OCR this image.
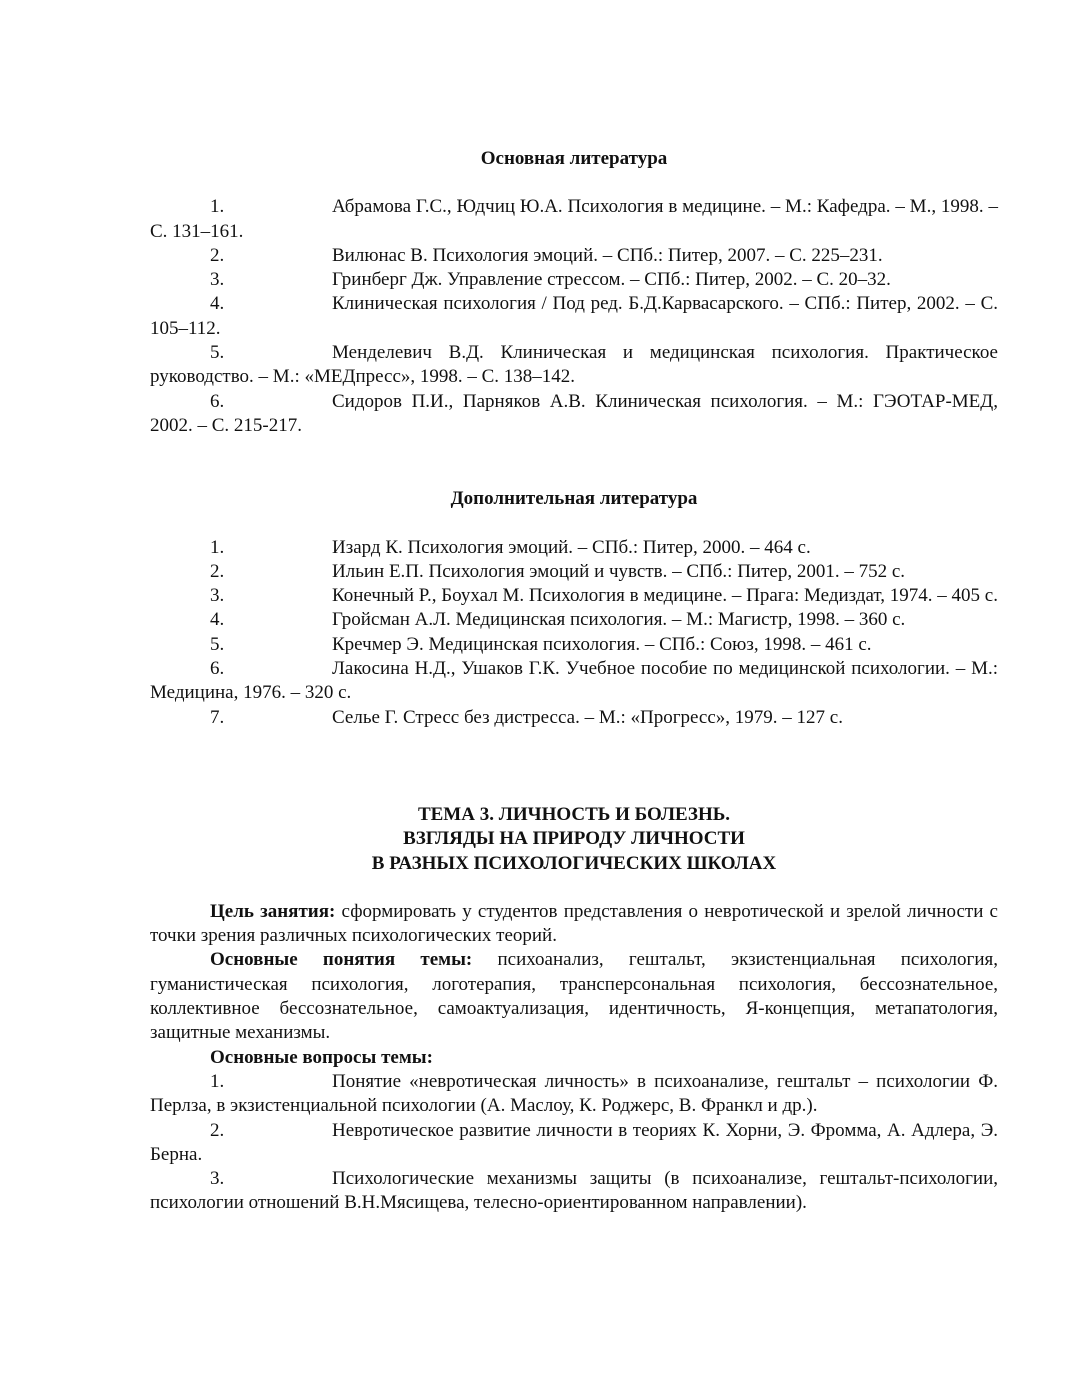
Основная литература
1.	Абрамова Г.С., Юдчиц Ю.А. Психология в медицине. – М.: Кафедра. – М., 1998. – С. 131–161.
2.	Вилюнас В. Психология эмоций. – СПб.: Питер, 2007. – С. 225–231.
3.	Гринберг Дж. Управление стрессом. – СПб.: Питер, 2002. – С. 20–32.
4.	Клиническая психология / Под ред. Б.Д.Карвасарского. – СПб.: Питер, 2002. – С. 105–112.
5.	Менделевич В.Д. Клиническая и медицинская психология. Практическое руководство. – М.: «МЕДпресс», 1998. – С. 138–142.
6.	Сидоров П.И., Парняков А.В. Клиническая психология. – М.: ГЭОТАР-МЕД, 2002. – С. 215-217.
Дополнительная литература
1.	Изард К. Психология эмоций. – СПб.: Питер, 2000. – 464 с.
2.	Ильин Е.П. Психология эмоций и чувств. – СПб.: Питер, 2001. – 752 с.
3.	Конечный Р., Боухал М. Психология в медицине. – Прага: Медиздат, 1974. – 405 с.
4.	Гройсман А.Л. Медицинская психология. – М.: Магистр, 1998. – 360 с.
5.	Кречмер Э. Медицинская психология. – СПб.: Союз, 1998. – 461 с.
6.	Лакосина Н.Д., Ушаков Г.К. Учебное пособие по медицинской психологии. – М.: Медицина, 1976. – 320 с.
7.	Селье Г. Стресс без дистресса. – М.: «Прогресс», 1979. – 127 с.
ТЕМА 3. ЛИЧНОСТЬ И БОЛЕЗНЬ.
ВЗГЛЯДЫ НА ПРИРОДУ ЛИЧНОСТИ
В РАЗНЫХ ПСИХОЛОГИЧЕСКИХ ШКОЛАХ
Цель занятия: сформировать у студентов представления о невротической и зрелой личности с точки зрения различных психологических теорий.
Основные понятия темы: психоанализ, гештальт, экзистенциальная психология, гуманистическая психология, логотерапия, трансперсональная психология, бессознательное, коллективное бессознательное, самоактуализация, идентичность, Я-концепция, метапатология, защитные механизмы.
Основные вопросы темы:
1.	Понятие «невротическая личность» в психоанализе, гештальт – психологии Ф. Перлза, в экзистенциальной психологии (А. Маслоу, К. Роджерс, В. Франкл и др.).
2.	Невротическое развитие личности в теориях К. Хорни, Э. Фромма, А. Адлера, Э. Берна.
3.	Психологические механизмы защиты (в психоанализе, гештальт-психологии, психологии отношений В.Н.Мясищева, телесно-ориентированном направлении).
